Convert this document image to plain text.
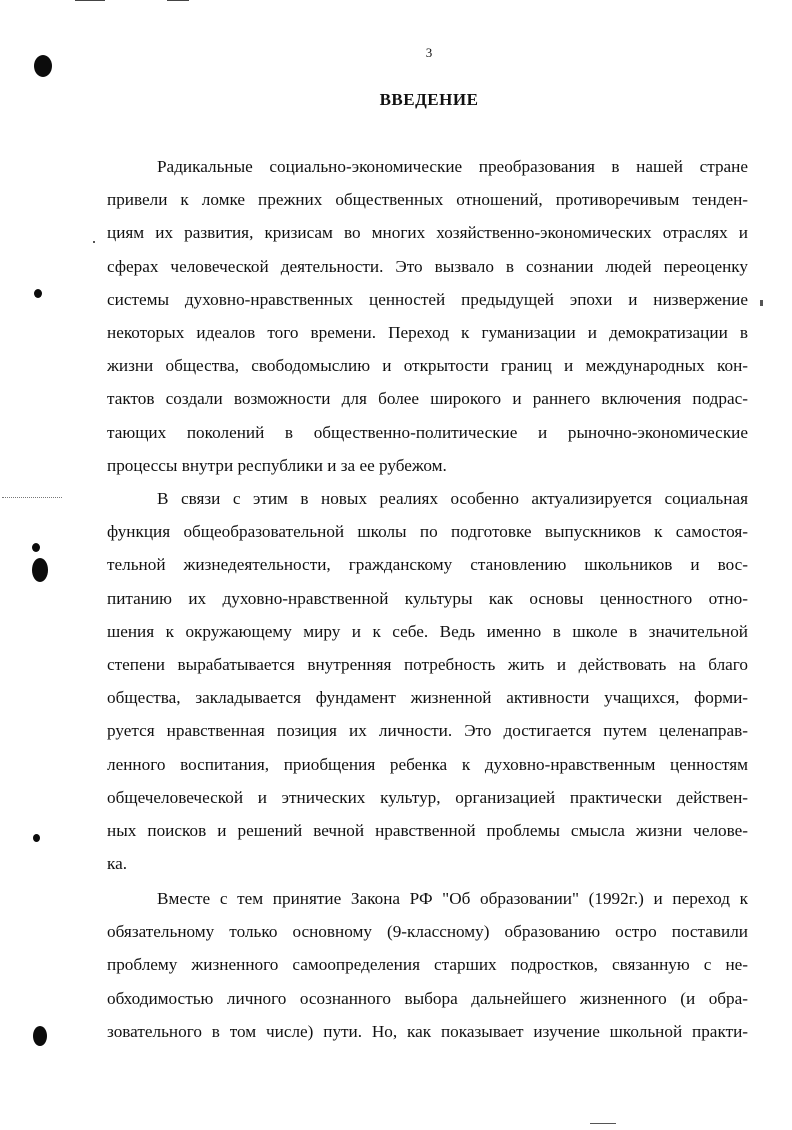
3
ВВЕДЕНИЕ
Радикальные социально-экономические преобразования в нашей стране
привели к ломке прежних общественных отношений, противоречивым тенден-
циям их развития, кризисам во многих хозяйственно-экономических отраслях и
сферах человеческой деятельности. Это вызвало в сознании людей переоценку
системы духовно-нравственных ценностей предыдущей эпохи и низвержение
некоторых идеалов того времени. Переход к гуманизации и демократизации в
жизни общества, свободомыслию и открытости границ и международных кон-
тактов создали возможности для более широкого и раннего включения подрас-
тающих поколений в общественно-политические и рыночно-экономические
процессы внутри республики и за ее рубежом.
В связи с этим в новых реалиях особенно актуализируется социальная
функция общеобразовательной школы по подготовке выпускников к самостоя-
тельной жизнедеятельности, гражданскому становлению школьников и вос-
питанию их духовно-нравственной культуры как основы ценностного отно-
шения к окружающему миру и к себе. Ведь именно в школе в значительной
степени вырабатывается внутренняя потребность жить и действовать на благо
общества, закладывается фундамент жизненной активности учащихся, форми-
руется нравственная позиция их личности. Это достигается путем целенаправ-
ленного воспитания, приобщения ребенка к духовно-нравственным ценностям
общечеловеческой и этнических культур, организацией практически действен-
ных поисков и решений вечной нравственной проблемы смысла жизни челове-
ка.
Вместе с тем принятие Закона РФ "Об образовании" (1992г.) и переход к
обязательному только основному (9-классному) образованию остро поставили
проблему жизненного самоопределения старших подростков, связанную с не-
обходимостью личного осознанного выбора дальнейшего жизненного (и обра-
зовательного в том числе) пути. Но, как показывает изучение школьной практи-
